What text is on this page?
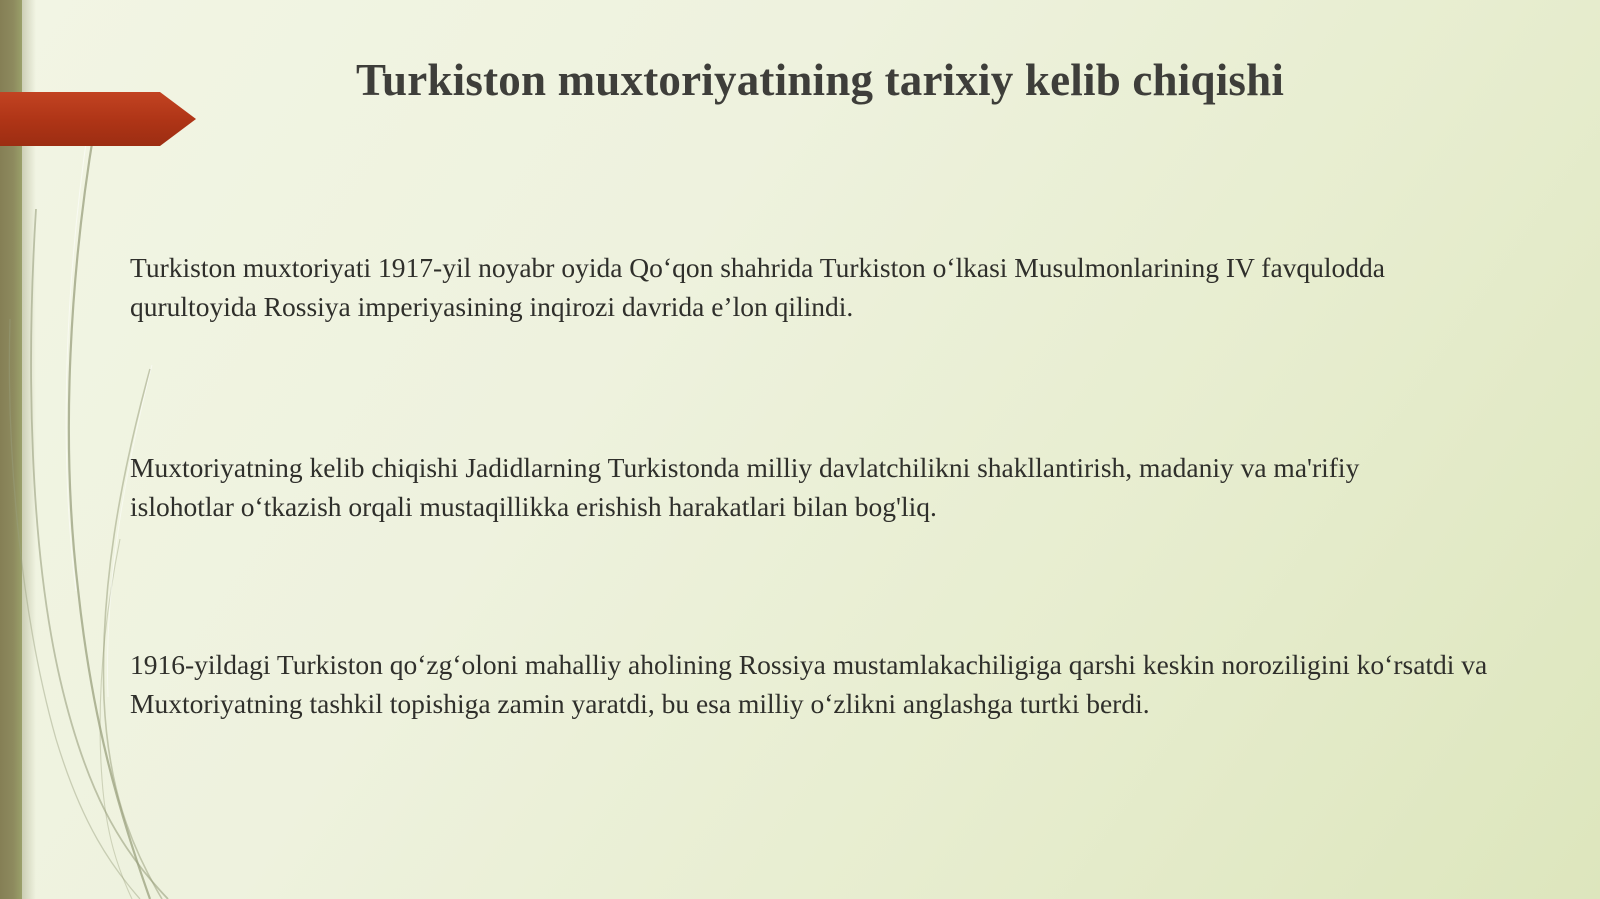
Turkiston muxtoriyatining tarixiy kelib chiqishi
Turkiston muxtoriyati 1917-yil noyabr oyida Qo‘qon shahrida Turkiston o‘lkasi Musulmonlarining IV favqulodda qurultoyida Rossiya imperiyasining inqirozi davrida e’lon qilindi.
Muxtoriyatning kelib chiqishi Jadidlarning Turkistonda milliy davlatchilikni shakllantirish, madaniy va ma'rifiy islohotlar o‘tkazish orqali mustaqillikka erishish harakatlari bilan bog'liq.
1916-yildagi Turkiston qo‘zg‘oloni mahalliy aholining Rossiya mustamlakachiligiga qarshi keskin noroziligini ko‘rsatdi va Muxtoriyatning tashkil topishiga zamin yaratdi, bu esa milliy o‘zlikni anglashga turtki berdi.
